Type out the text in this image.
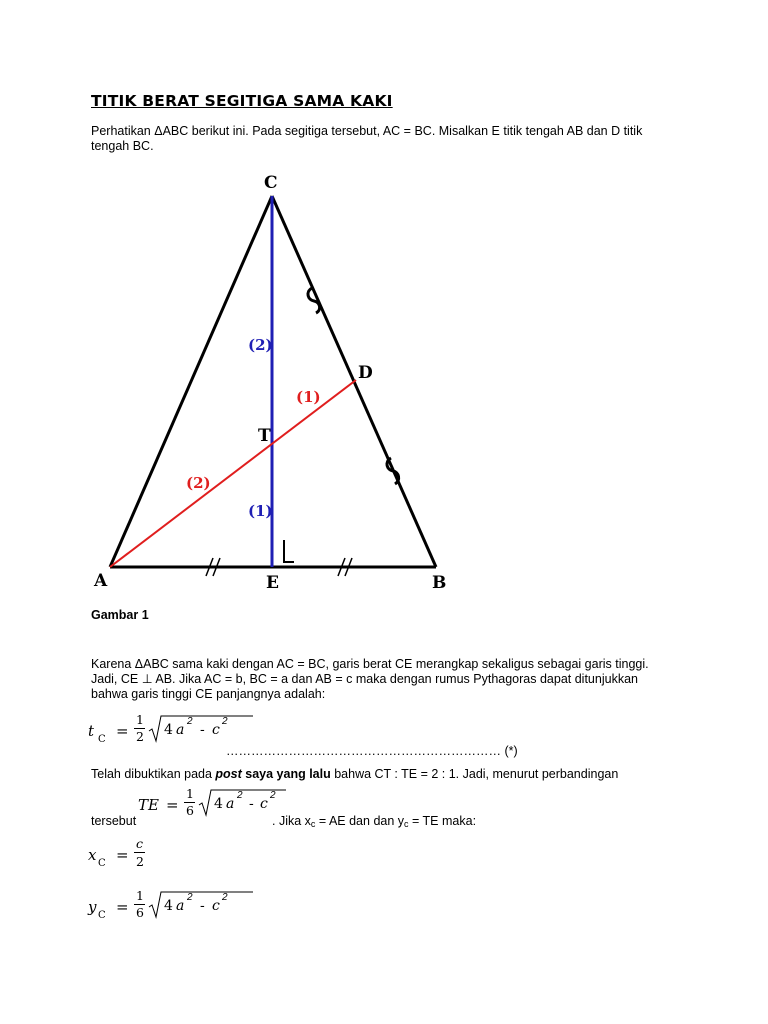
TITIK BERAT SEGITIGA SAMA KAKI
Perhatikan ΔABC berikut ini. Pada segitiga tersebut, AC = BC. Misalkan E titik tengah AB dan D titik
tengah BC.
C
A	B
E
D
T
(2)
(1)
(1)
(2)
Gambar 1
Karena ΔABC sama kaki dengan AC = BC, garis berat CE merangkap sekaligus sebagai garis tinggi.
Jadi, CE ⊥ AB. Jika AC = b, BC = a dan AB = c maka dengan rumus Pythagoras dapat ditunjukkan
bahwa garis tinggi CE panjangnya adalah:
t C =
1
2 4 a
2
- c
2
………………………………………………………… (*)
Telah dibuktikan pada post saya yang lalu bahwa CT : TE = 2 : 1. Jadi, menurut perbandingan
TE =
1
6 4 a
2
- c
2
tersebut	. Jika $x_c$ = AE dan dan $y_c$ = TE maka:
x C =
c
2
y C =
1
6 4 a
2
- c
2
